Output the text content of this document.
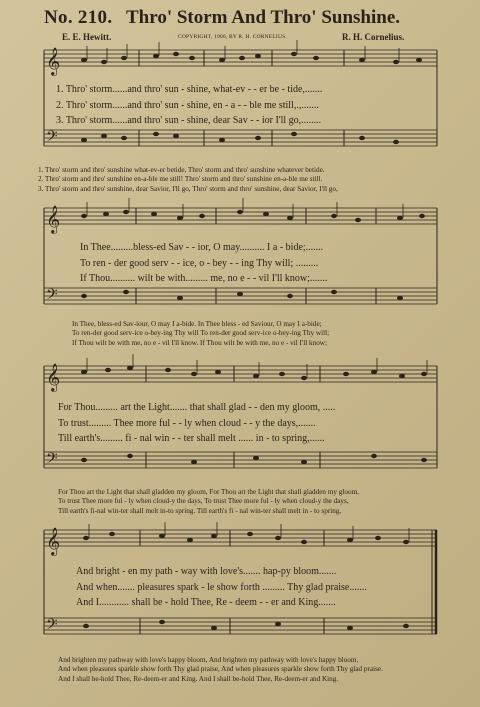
No. 210. Thro' Storm And Thro' Sunshine.
E. E. Hewitt.	COPYRIGHT, 1906, BY R. H. CORNELIUS.	R. H. Cornelius.
𝄞
𝄢
1. Thro' storm......and thro' sun - shine, what-ev - - er be - tide,.......
2. Thro' storm......and thro' sun - shine, en - a - - ble me still,.,.......
3. Thro' storm......and thro' sun - shine, dear Sav - - ior I'll go,........
1. Thro' storm and thro' sunshine what-ev-er betide, Thro' storm and thro' sunshine whatever betide.
2. Thro' storm and thro' sunshine en-a-ble me still! Thro' storm and thro' sunshine en-a-ble me still.
3. Thro' storm and thro' sunshine, dear Savior, I'll go, Thro' storm and thro' sunshine, dear Savior, I'll go,
𝄞
𝄢
In Thee.........bless-ed Sav - - ior, O may.......... I a - bide;.......
To ren - der good serv - - ice, o - bey - - ing Thy will; .........
If Thou.......... wilt be with......... me, no e - - vil I'll know;.......
In Thee, bless-ed Sav-iour, O may I a-bide. In Thee bless - ed Saviour, O may I a-bide;
To ren-der good serv-ice o-bey-ing Thy will To ren-der good serv-ice o-bey-ing Thy will;
If Thou wilt be with me, no e - vil I'll know. If Thou wilt be with me, no e - vil I'll know;
𝄞
𝄢
For Thou......... art the Light....... that shall glad - - den my gloom, .....
To trust......... Thee more ful - - ly when cloud - - y the days,.......
Till earth's......... fi - nal win - - ter shall melt ...... in - to spring,......
For Thou art the Light that shall gladden my gloom, For Thou art the Light that shall gladden my gloom,
To trust Thee more ful - ly when cloud-y the days, To trust Thee more ful - ly when cloud-y the days,
Till earth's fi-nal win-ter shall melt in-to spring. Till earth's fi - nal win-ter shall melt in - to spring,
𝄞
𝄢
And bright - en my path - way with love's....... hap-py bloom.......
And when....... pleasures spark - le show forth ......... Thy glad praise.......
And I............ shall be - hold Thee, Re - deem - - er and King.......
And brighten my pathway with love's happy bloom, And brighten my pathway with love's happy bloom.
And when pleasures sparkle show forth Thy glad praise, And when pleasures sparkle show forth Thy glad praise.
And I shall be-hold Thee, Re-deem-er and King. And I shall be-hold Thee, Re-deem-er and King.
